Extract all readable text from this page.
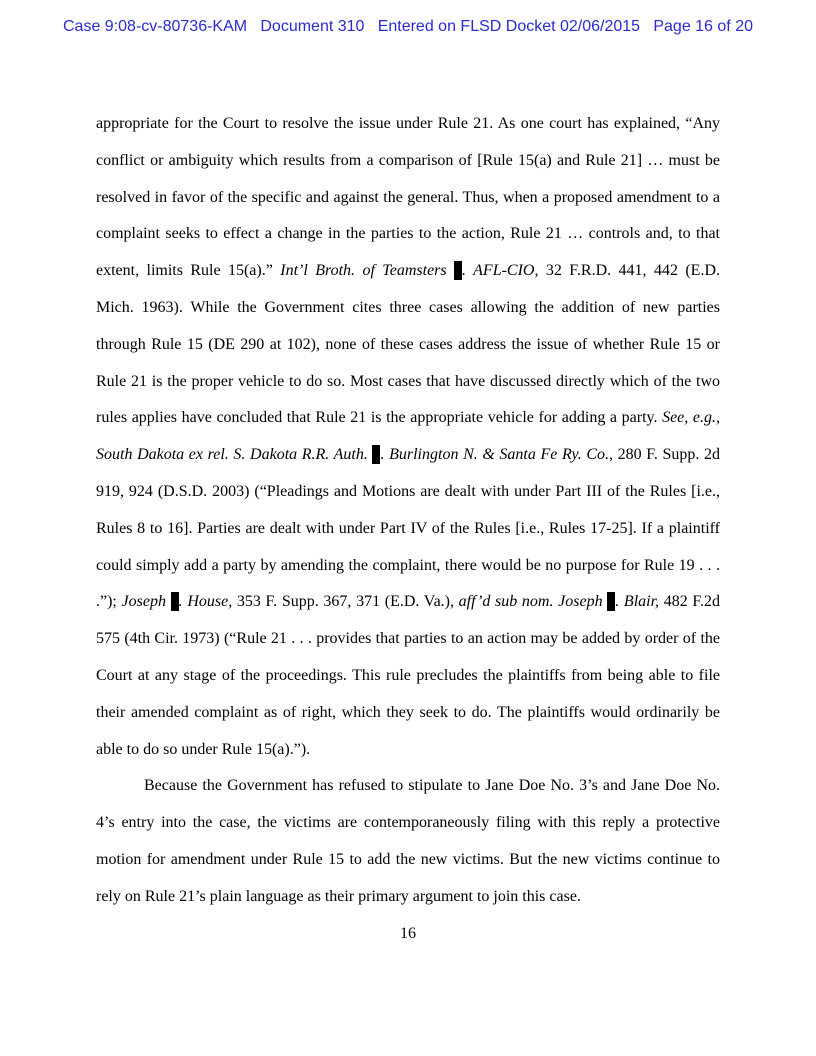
Case 9:08-cv-80736-KAM Document 310 Entered on FLSD Docket 02/06/2015 Page 16 of 20
appropriate for the Court to resolve the issue under Rule 21. As one court has explained, “Any
conflict or ambiguity which results from a comparison of [Rule 15(a) and Rule 21] … must be
resolved in favor of the specific and against the general. Thus, when a proposed amendment to a
complaint seeks to effect a change in the parties to the action, Rule 21 … controls and, to that
extent, limits Rule 15(a).” Int’l Broth. of Teamsters . AFL-CIO, 32 F.R.D. 441, 442 (E.D.
Mich. 1963). While the Government cites three cases allowing the addition of new parties
through Rule 15 (DE 290 at 102), none of these cases address the issue of whether Rule 15 or
Rule 21 is the proper vehicle to do so. Most cases that have discussed directly which of the two
rules applies have concluded that Rule 21 is the appropriate vehicle for adding a party. See, e.g.,
South Dakota ex rel. S. Dakota R.R. Auth. . Burlington N. & Santa Fe Ry. Co., 280 F. Supp. 2d
919, 924 (D.S.D. 2003) (“Pleadings and Motions are dealt with under Part III of the Rules [i.e.,
Rules 8 to 16]. Parties are dealt with under Part IV of the Rules [i.e., Rules 17-25]. If a plaintiff
could simply add a party by amending the complaint, there would be no purpose for Rule 19 . . .
.”); Joseph . House, 353 F. Supp. 367, 371 (E.D. Va.), aff’d sub nom. Joseph . Blair, 482 F.2d
575 (4th Cir. 1973) (“Rule 21 . . . provides that parties to an action may be added by order of the
Court at any stage of the proceedings. This rule precludes the plaintiffs from being able to file
their amended complaint as of right, which they seek to do. The plaintiffs would ordinarily be
able to do so under Rule 15(a).”).
Because the Government has refused to stipulate to Jane Doe No. 3’s and Jane Doe No.
4’s entry into the case, the victims are contemporaneously filing with this reply a protective
motion for amendment under Rule 15 to add the new victims. But the new victims continue to
rely on Rule 21’s plain language as their primary argument to join this case.
16
